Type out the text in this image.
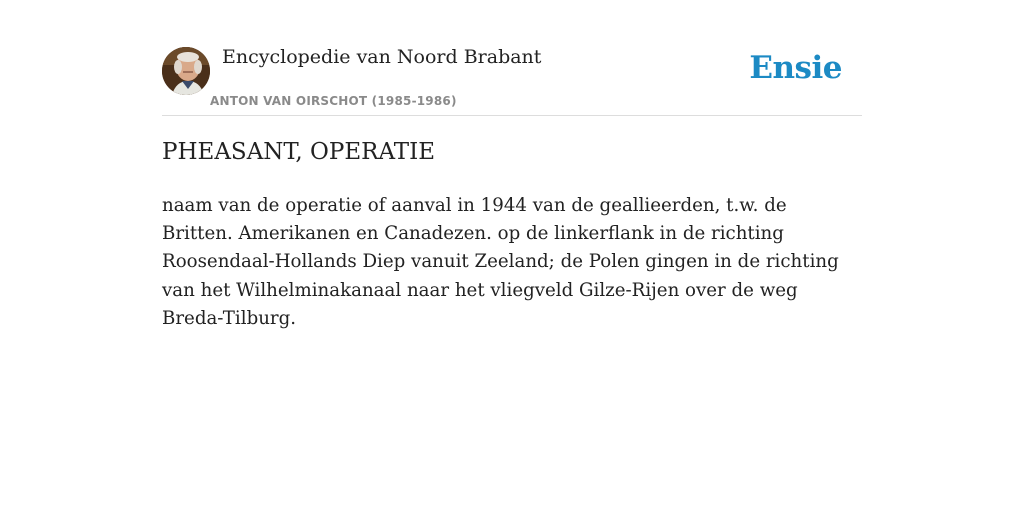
Encyclopedie van Noord Brabant
ANTON VAN OIRSCHOT (1985-1986)
Ensie
PHEASANT, OPERATIE

naam van de operatie of aanval in 1944 van de geallieerden, t.w. de Britten. Amerikanen en Canadezen. op de linkerflank in de richting Roosendaal-Hollands Diep vanuit Zeeland; de Polen gingen in de richting van het Wilhelminakanaal naar het vliegveld Gilze-Rijen over de weg Breda-Tilburg.
